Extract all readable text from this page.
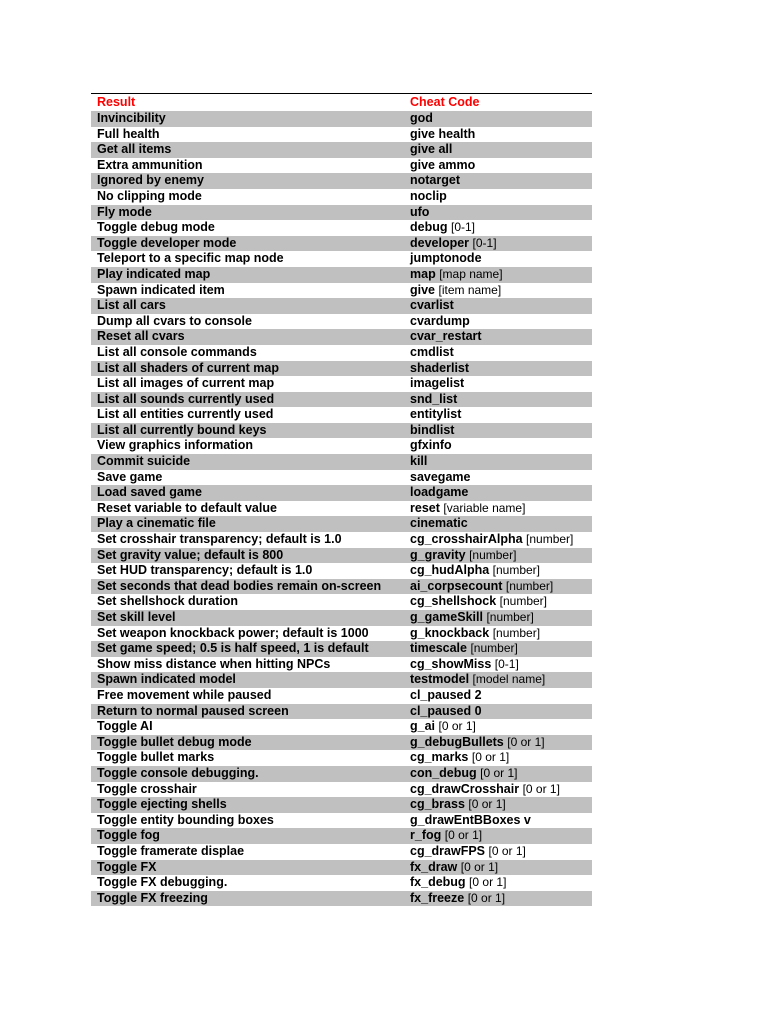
Result	Cheat Code
Invincibility	god
Full health	give health
Get all items	give all
Extra ammunition	give ammo
Ignored by enemy	notarget
No clipping mode	noclip
Fly mode	ufo
Toggle debug mode	debug [0-1]
Toggle developer mode	developer [0-1]
Teleport to a specific map node	jumptonode
Play indicated map	map [map name]
Spawn indicated item	give [item name]
List all cars	cvarlist
Dump all cvars to console	cvardump
Reset all cvars	cvar_restart
List all console commands	cmdlist
List all shaders of current map	shaderlist
List all images of current map	imagelist
List all sounds currently used	snd_list
List all entities currently used	entitylist
List all currently bound keys	bindlist
View graphics information	gfxinfo
Commit suicide	kill
Save game	savegame
Load saved game	loadgame
Reset variable to default value	reset [variable name]
Play a cinematic file	cinematic
Set crosshair transparency; default is 1.0	cg_crosshairAlpha [number]
Set gravity value; default is 800	g_gravity [number]
Set HUD transparency; default is 1.0	cg_hudAlpha [number]
Set seconds that dead bodies remain on-screen	ai_corpsecount [number]
Set shellshock duration	cg_shellshock [number]
Set skill level	g_gameSkill [number]
Set weapon knockback power; default is 1000	g_knockback [number]
Set game speed; 0.5 is half speed, 1 is default	timescale [number]
Show miss distance when hitting NPCs	cg_showMiss [0-1]
Spawn indicated model	testmodel [model name]
Free movement while paused	cl_paused 2
Return to normal paused screen	cl_paused 0
Toggle AI	g_ai [0 or 1]
Toggle bullet debug mode	g_debugBullets [0 or 1]
Toggle bullet marks	cg_marks [0 or 1]
Toggle console debugging.	con_debug [0 or 1]
Toggle crosshair	cg_drawCrosshair [0 or 1]
Toggle ejecting shells	cg_brass [0 or 1]
Toggle entity bounding boxes	g_drawEntBBoxes v
Toggle fog	r_fog [0 or 1]
Toggle framerate displae	cg_drawFPS [0 or 1]
Toggle FX	fx_draw [0 or 1]
Toggle FX debugging.	fx_debug [0 or 1]
Toggle FX freezing	fx_freeze [0 or 1]
